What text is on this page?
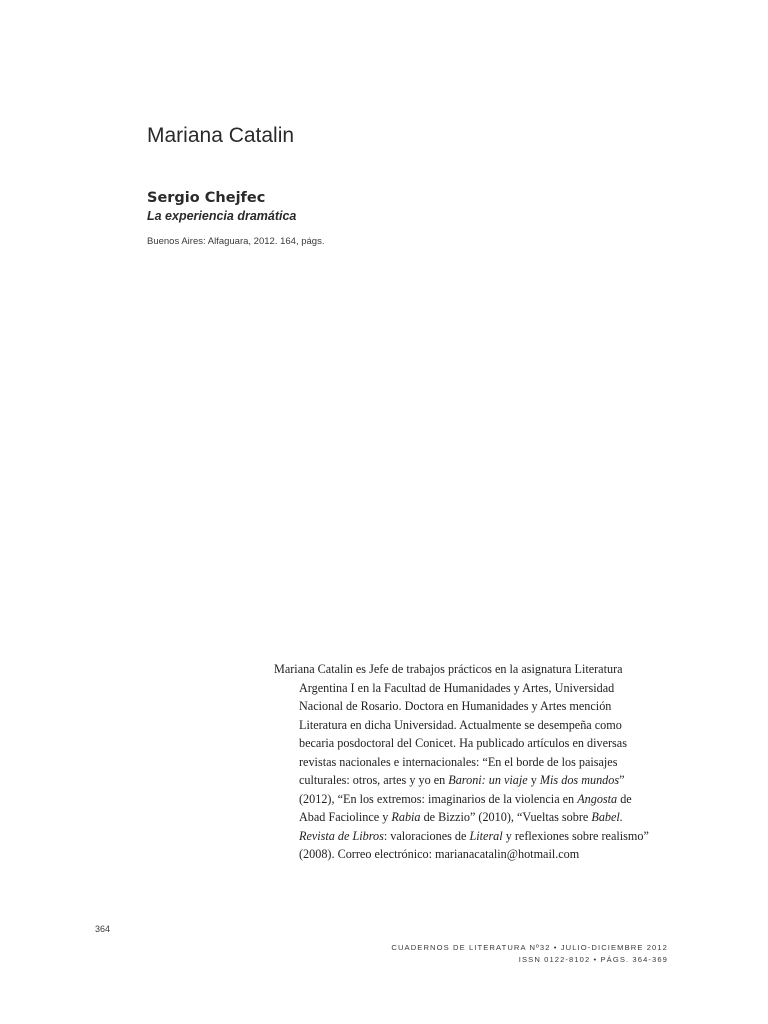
Mariana Catalin
Sergio Chejfec
La experiencia dramática
Buenos Aires: Alfaguara, 2012. 164, págs.
Mariana Catalin es Jefe de trabajos prácticos en la asignatura Literatura
Argentina I en la Facultad de Humanidades y Artes, Universidad
Nacional de Rosario. Doctora en Humanidades y Artes mención
Literatura en dicha Universidad. Actualmente se desempeña como
becaria posdoctoral del Conicet. Ha publicado artículos en diversas
revistas nacionales e internacionales: “En el borde de los paisajes
culturales: otros, artes y yo en Baroni: un viaje y Mis dos mundos”
(2012), “En los extremos: imaginarios de la violencia en Angosta de
Abad Faciolince y Rabia de Bizzio” (2010), “Vueltas sobre Babel.
Revista de Libros: valoraciones de Literal y reflexiones sobre realismo”
(2008). Correo electrónico: marianacatalin@hotmail.com
364
CUADERNOS DE LITERATURA Nº32 • JULIO-DICIEMBRE 2012
ISSN 0122-8102 • PÁGS. 364-369
